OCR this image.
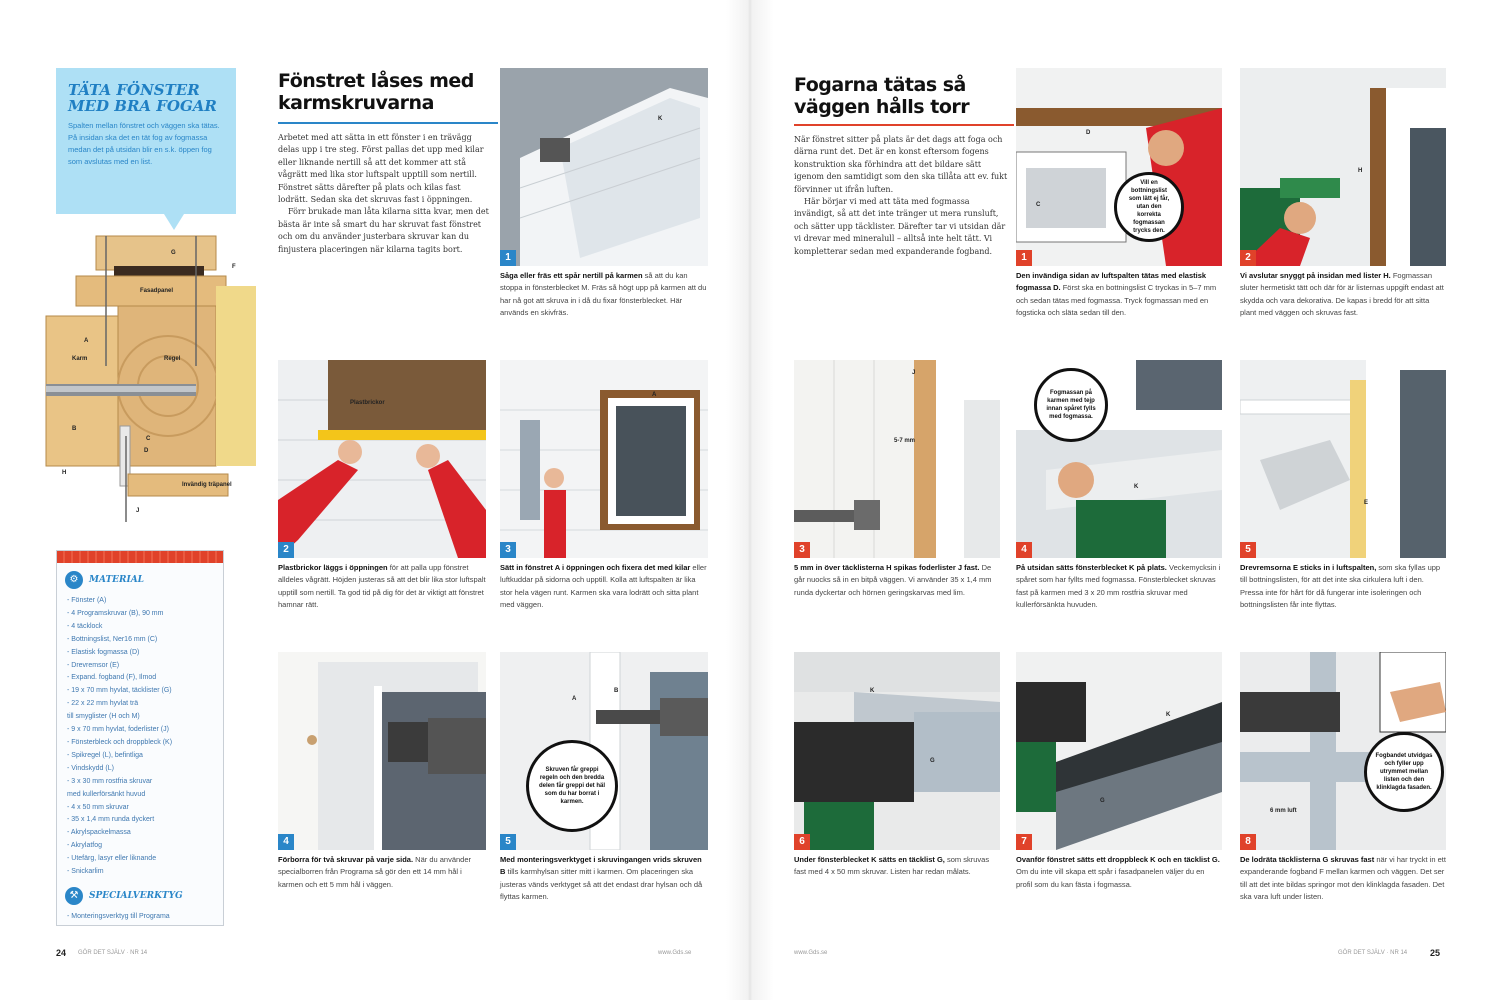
TÄTA FÖNSTER MED BRA FOGAR

Spalten mellan fönstret och väggen ska tätas. På insidan ska det en tät fog av fogmassa medan det på utsidan blir en s.k. öppen fog som avslutas med en list.

G
F
Fasadpanel
A
Karm	Regel
C
D
B
H
J
Invändig träpanel
⚙	MATERIAL
- Fönster (A)
- 4 Programskruvar (B), 90 mm
- 4 täcklock
- Bottningslist, Ner16 mm (C)
- Elastisk fogmassa (D)
- Drevremsor (E)
- Expand. fogband (F), Ilmod
- 19 x 70 mm hyvlat, täcklister (G)
- 22 x 22 mm hyvlat trä
till smyglister (H och M)
- 9 x 70 mm hyvlat, foderlister (J)
- Fönsterbleck och droppbleck (K)
- Spikregel (L), befintliga
- Vindskydd (L)
- 3 x 30 mm rostfria skruvar
med kullerförsänkt huvud
- 4 x 50 mm skruvar
- 35 x 1,4 mm runda dyckert
- Akrylspackelmassa
- Akrylatfog
- Utefärg, lasyr eller liknande
- Snickarlim
⚒	SPECIALVERKTYG
- Monteringsverktyg till Programa
24 GÖR DET SJÄLV · NR 14	www.Gds.se
Fönstret låses med karmskruvarna

Arbetet med att sätta in ett fönster i en trävägg delas upp i tre steg. Först pallas det upp med kilar eller liknande nertill så att det kommer att stå vågrätt med lika stor luftspalt upptill som nertill. Fönstret sätts därefter på plats och kilas fast lodrätt. Sedan ska det skruvas fast i öppningen.

Förr brukade man låta kilarna sitta kvar, men det bästa är inte så smart du har skruvat fast fönstret och om du använder justerbara skruvar kan du finjustera placeringen när kilarna tagits bort.

K
1
Såga eller fräs ett spår nertill på karmen så att du kan stoppa in fönsterblecket M. Fräs så högt upp på karmen att du har nå got att skruva in i då du fixar fönsterblecket. Här används en skivfräs.
Plastbrickor
2
Plastbrickor läggs i öppningen för att palla upp fönstret alldeles vågrätt. Höjden justeras så att det blir lika stor luftspalt upptill som nertill. Ta god tid på dig för det är viktigt att fönstret hamnar rätt.
A
3
Sätt in fönstret A i öppningen och fixera det med kilar eller luftkuddar på sidorna och upptill. Kolla att luftspalten är lika stor hela vägen runt. Karmen ska vara lodrätt och sitta plant med väggen.
4
Förborra för två skruvar på varje sida. När du använder specialborren från Programa så gör den ett 14 mm hål i karmen och ett 5 mm hål i väggen.
A
B
Skruven får greppi regeln och den bredda delen får greppi det häl som du har borrat i karmen.
5
Med monteringsverktyget i skruvingangen vrids skruven B tills karmhylsan sitter mitt i karmen. Om placeringen ska justeras vänds verktyget så att det endast drar hylsan och då flyttas karmen.
Fogarna tätas så väggen hålls torr

När fönstret sitter på plats är det dags att foga och därna runt det. Det är en konst eftersom fogens konstruktion ska förhindra att det bildare sätt igenom den samtidigt som den ska tillåta att ev. fukt förvinner ut ifrån luften.

Här börjar vi med att täta med fogmassa invändigt, så att det inte tränger ut mera runsluft, och sätter upp täcklister. Därefter tar vi utsidan där vi drevar med mineralull – alltså inte helt tätt. Vi kompletterar sedan med expanderande fogband.

D
C
Vill en bottningslist som lätt ej får, utan den korrekta fogmassan trycks den.
1
Den invändiga sidan av luftspalten tätas med elastisk fogmassa D. Först ska en bottningslist C tryckas in 5–7 mm och sedan tätas med fogmassa. Tryck fogmassan med en fogsticka och släta sedan till den.
H
2
Vi avslutar snyggt på insidan med lister H. Fogmassan sluter hermetiskt tätt och där för är listernas uppgift endast att skydda och vara dekorativa. De kapas i bredd för att sitta plant med väggen och skruvas fast.
J
5-7 mm
3
5 mm in över täcklisterna H spikas foderlister J fast. De går nuocks så in en bitpå väggen. Vi använder 35 x 1,4 mm runda dyckertar och hörnen geringskarvas med lim.
K
Fogmassan på karmen med tejp innan spåret fylls med fogmassa.
4
På utsidan sätts fönsterblecket K på plats. Veckemycksin i spåret som har fyllts med fogmassa. Fönsterblecket skruvas fast på karmen med 3 x 20 mm rostfria skruvar med kullerförsänkta huvuden.
E
5
Drevremsorna E sticks in i luftspalten, som ska fyllas upp till bottningslisten, för att det inte ska cirkulera luft i den. Pressa inte för hårt för då fungerar inte isoleringen och bottningslisten får inte flyttas.
K
G
6
Under fönsterblecket K sätts en täcklist G, som skruvas fast med 4 x 50 mm skruvar. Listen har redan målats.
K
G
7
Ovanför fönstret sätts ett droppbleck K och en täcklist G. Om du inte vill skapa ett spår i fasadpanelen väljer du en profil som du kan fästa i fogmassa.
6 mm luft
Fogbandet utvidgas och fyller upp utrymmet mellan listen och den klinklagda fasaden.
8
De lodräta täcklisterna G skruvas fast när vi har tryckt in ett expanderande fogband F mellan karmen och väggen. Det ser till att det inte bildas springor mot den klinklagda fasaden. Det ska vara luft under listen.
www.Gds.se	GÖR DET SJÄLV · NR 14	25
